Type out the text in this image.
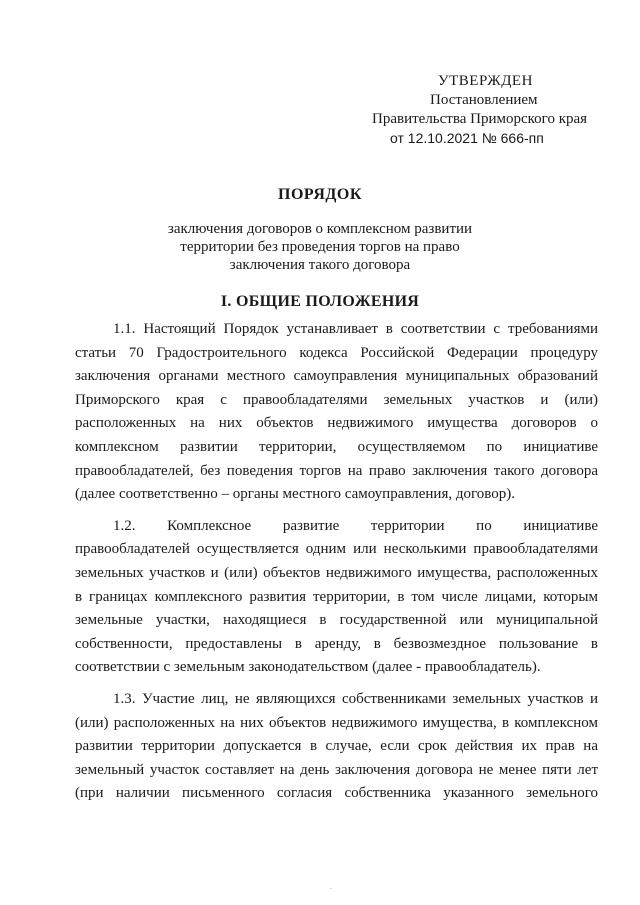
УТВЕРЖДЕН
Постановлением
Правительства Приморского края
от 12.10.2021 № 666-пп
ПОРЯДОК
заключения договоров о комплексном развитии
территории без проведения торгов на право
заключения такого договора
I. ОБЩИЕ ПОЛОЖЕНИЯ
1.1. Настоящий Порядок устанавливает в соответствии с требованиями
статьи 70 Градостроительного кодекса Российской Федерации процедуру
заключения органами местного самоуправления муниципальных образований
Приморского края с правообладателями земельных участков и (или)
расположенных на них объектов недвижимого имущества договоров о
комплексном развитии территории, осуществляемом по инициативе
правообладателей, без поведения торгов на право заключения такого договора
(далее соответственно – органы местного самоуправления, договор).
1.2. Комплексное развитие территории по инициативе
правообладателей осуществляется одним или несколькими правообладателями
земельных участков и (или) объектов недвижимого имущества, расположенных
в границах комплексного развития территории, в том числе лицами, которым
земельные участки, находящиеся в государственной или муниципальной
собственности, предоставлены в аренду, в безвозмездное пользование в
соответствии с земельным законодательством (далее - правообладатель).
1.3. Участие лиц, не являющихся собственниками земельных участков и
(или) расположенных на них объектов недвижимого имущества, в комплексном
развитии территории допускается в случае, если срок действия их прав на
земельный участок составляет на день заключения договора не менее пяти лет
(при наличии письменного согласия собственника указанного земельного
.
